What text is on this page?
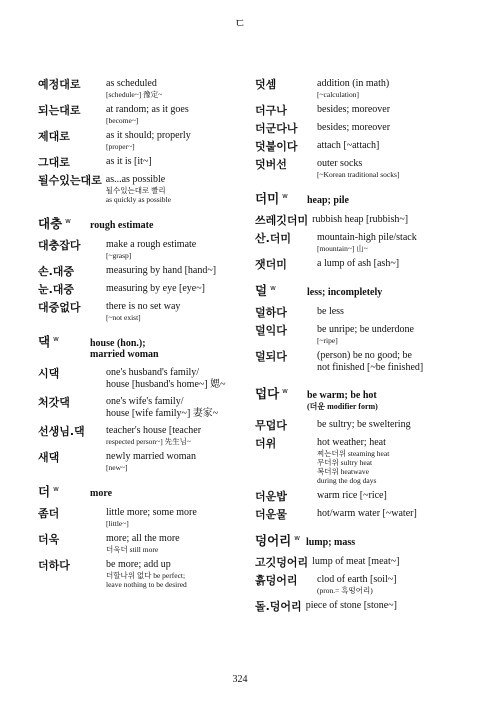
ㄷ
예정대로	as scheduled
[schedule~] 豫定~
되는대로	at random; as it goes
[become~]
제대로	as it should; properly
[proper~]
그대로	as it is [it~]
될수있는대로 as...as possible
될수있는대로 빨리
as quickly as possible
대충 $^w$	rough estimate
대충잡다	make a rough estimate
[~grasp]
손.대중	measuring by hand [hand~]
눈.대중	measuring by eye [eye~]
대중없다	there is no set way
[~not exist]
댁 $^w$	house (hon.);
married woman
시댁	one's husband's family/
house [husband's home~] 媤~
처갓댁	one's wife's family/
house [wife family~] 妻家~
선생님.댁	teacher's house [teacher
respected person~] 先生님~
새댁	newly married woman
[new~]
더 $^w$	more
좀더	little more; some more
[little~]
더욱	more; all the more
더욱더 still more
더하다	be more; add up
더할나위 없다 be perfect;
leave nothing to be desired
덧셈	addition (in math)
[~calculation]
더구나	besides; moreover
더군다나	besides; moreover
덧붙이다	attach [~attach]
덧버선	outer socks
[~Korean traditional socks]
더미 $^w$	heap; pile
쓰레깃더미 rubbish heap [rubbish~]
산.더미	mountain-high pile/stack
[mountain~] 山~
잿더미	a lump of ash [ash~]
덜 $^w$	less; incompletely
덜하다	be less
덜익다	be unripe; be underdone
[~ripe]
덜되다	(person) be no good; be
not finished [~be finished]
덥다 $^w$	be warm; be hot
(더운 modifier form)
무덥다	be sultry; be sweltering
더위	hot weather; heat
찌는더위 steaming heat
무더위 sultry heat
복더위 heatwave
during the dog days
더운밥	warm rice [~rice]
더운물	hot/warm water [~water]
덩어리 $^w$ lump; mass
고깃덩어리 lump of meat [meat~]
흙덩어리	clod of earth [soil~]
(pron.= 흑떵어리)
돌.덩어리 piece of stone [stone~]
324
